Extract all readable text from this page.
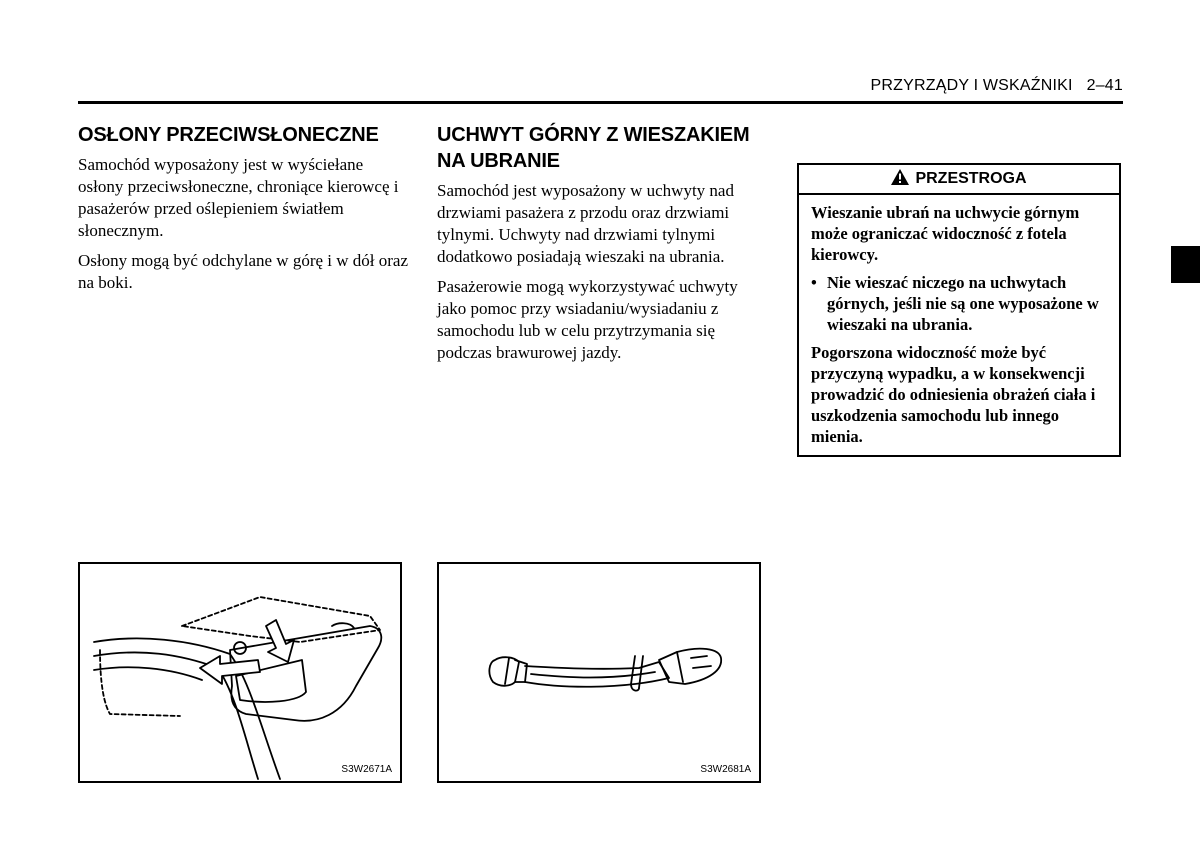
PRZYRZĄDY I WSKAŹNIKI   2–41
OSŁONY PRZECIWSŁONECZNE

Samochód wyposażony jest w wyściełane osłony przeciwsłoneczne, chroniące kierowcę i pasażerów przed oślepieniem światłem słonecznym.

Osłony mogą być odchylane w górę i w dół oraz na boki.

UCHWYT GÓRNY Z WIESZAKIEM NA UBRANIE

Samochód jest wyposażony w uchwyty nad drzwiami pasażera z przodu oraz drzwiami tylnymi. Uchwyty nad drzwiami tylnymi dodatkowo posiadają wieszaki na ubrania.

Pasażerowie mogą wykorzystywać uchwyty jako pomoc przy wsiadaniu/wysiadaniu z samochodu lub w celu przytrzymania się podczas brawurowej jazdy.

PRZESTROGA

Wieszanie ubrań na uchwycie górnym może ograniczać widoczność z fotela kierowcy.

• Nie wieszać niczego na uchwytach górnych, jeśli nie są one wyposażone w wieszaki na ubrania.

Pogorszona widoczność może być przyczyną wypadku, a w konsekwencji prowadzić do odniesienia obrażeń ciała i uszkodzenia samochodu lub innego mienia.

S3W2671A	S3W2681A
